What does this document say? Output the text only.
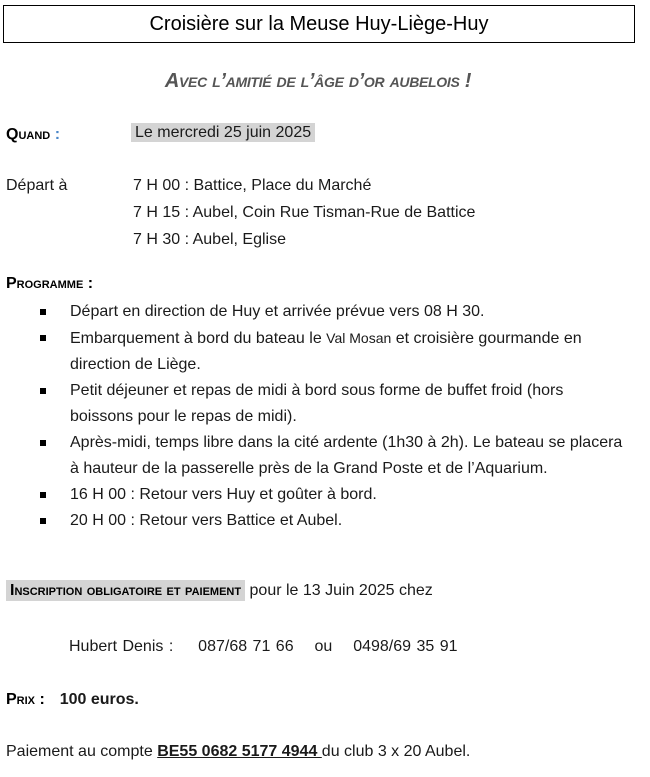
Croisière sur la Meuse Huy-Liège-Huy
Avec l’amitié de l’âge d’or aubelois !
Quand :	Le mercredi 25 juin 2025
Départ à	7 H 00 : Battice, Place du Marché
7 H 15 : Aubel, Coin Rue Tisman-Rue de Battice
7 H 30 : Aubel, Eglise
Programme :
Départ en direction de Huy et arrivée prévue vers 08 H 30.
Embarquement à bord du bateau le Val Mosan et croisière gourmande en direction de Liège.
Petit déjeuner et repas de midi à bord sous forme de buffet froid (hors boissons pour le repas de midi).
Après-midi, temps libre dans la cité ardente (1h30 à 2h). Le bateau se placera à hauteur de la passerelle près de la Grand Poste et de l’Aquarium.
16 H 00 : Retour vers Huy et goûter à bord.
20 H 00 : Retour vers Battice et Aubel.
Inscription obligatoire et paiement pour le 13 Juin 2025 chez
Hubert Denis : 087/68 71 66 ou 0498/69 35 91
Prix : 100 euros.
Paiement au compte BE55 0682 5177 4944 du club 3 x 20 Aubel.
